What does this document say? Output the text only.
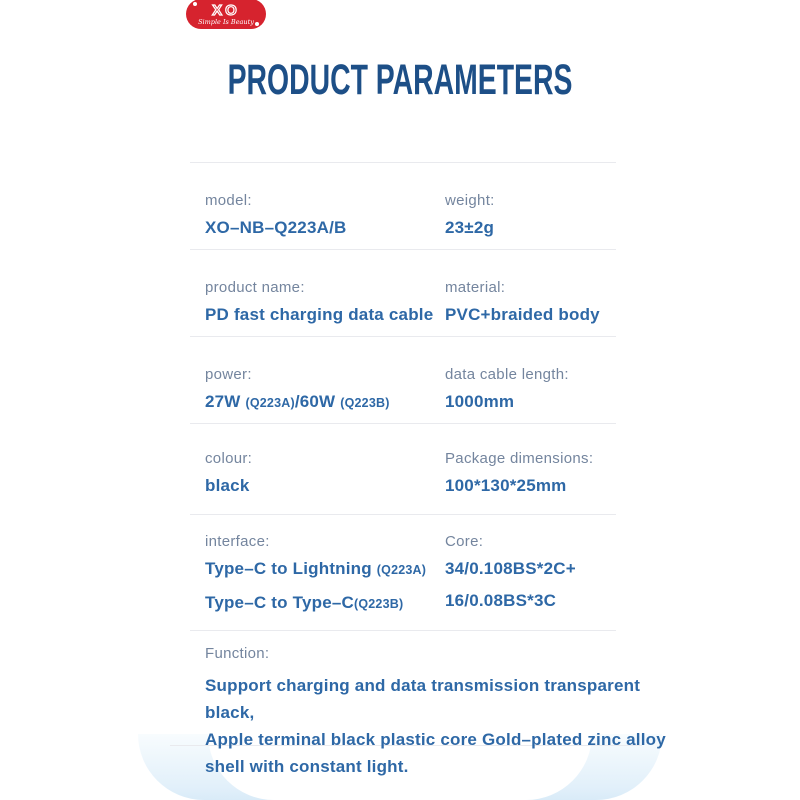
XO
Simple Is Beauty
PRODUCT PARAMETERS
model:
XO–NB–Q223A/B
weight:
23±2g
product name:
PD fast charging data cable
material:
PVC+braided body
power:
27W (Q223A)/60W (Q223B)
data cable length:
1000mm
colour:
black
Package dimensions:
100*130*25mm
interface:
Type–C to Lightning (Q223A)
Type–C to Type–C(Q223B)
Core:
34/0.108BS*2C+
16/0.08BS*3C
Function:
Support charging and data transmission transparent black,
Apple terminal black plastic core Gold–plated zinc alloy
shell with constant light.
